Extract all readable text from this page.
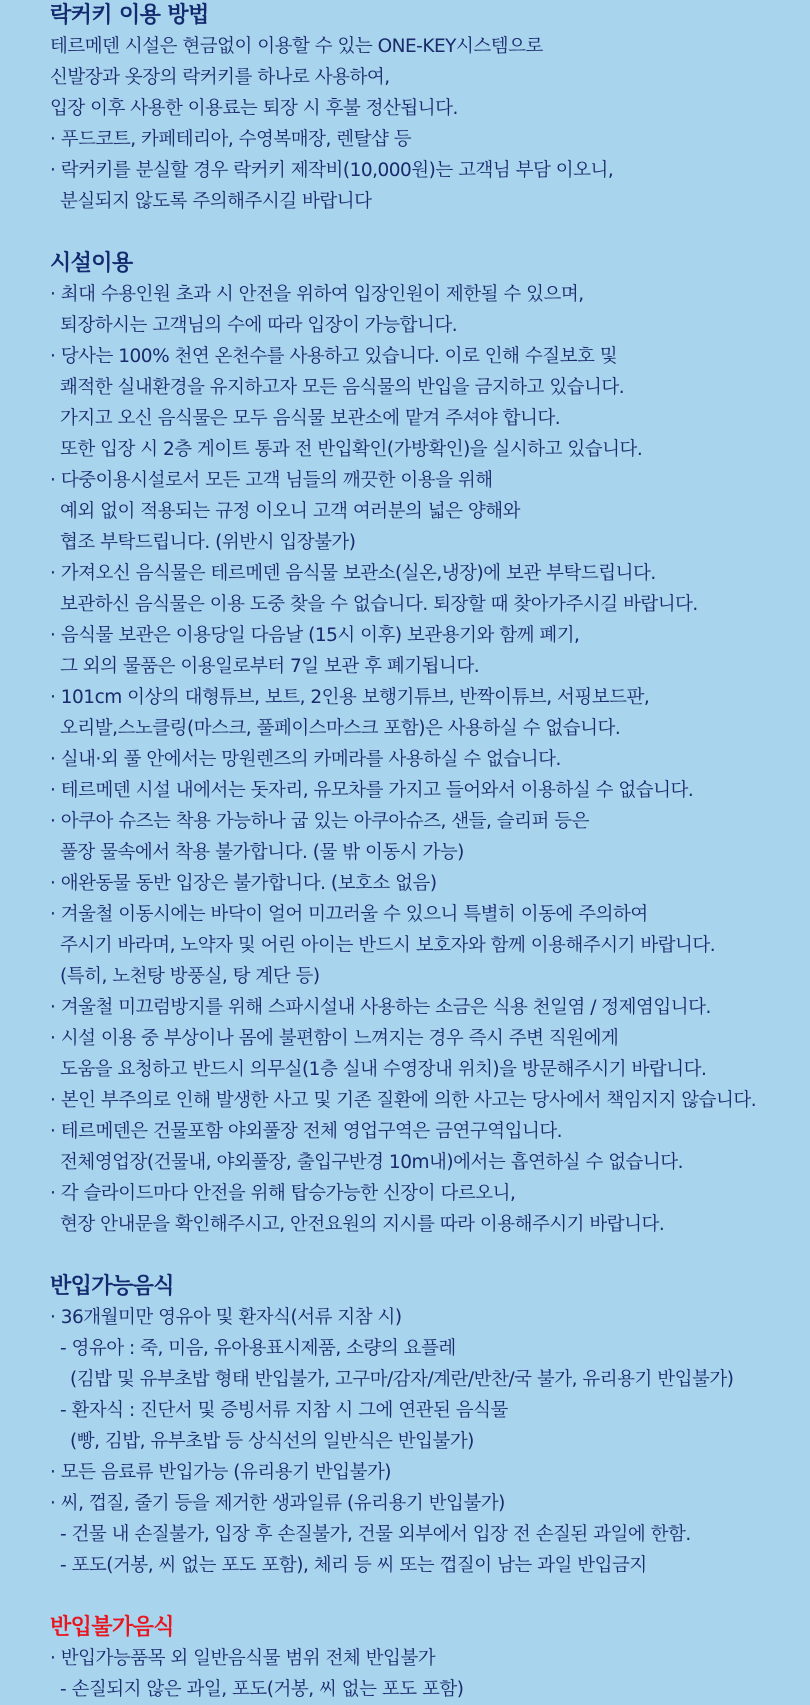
락커키 이용 방법
테르메덴 시설은 현금없이 이용할 수 있는 ONE-KEY시스템으로
신발장과 옷장의 락커키를 하나로 사용하여,
입장 이후 사용한 이용료는 퇴장 시 후불 정산됩니다.
· 푸드코트, 카페테리아, 수영복매장, 렌탈샵 등
· 락커키를 분실할 경우 락커키 제작비(10,000원)는 고객님 부담 이오니,
분실되지 않도록 주의해주시길 바랍니다
시설이용
· 최대 수용인원 초과 시 안전을 위하여 입장인원이 제한될 수 있으며,
퇴장하시는 고객님의 수에 따라 입장이 가능합니다.
· 당사는 100% 천연 온천수를 사용하고 있습니다. 이로 인해 수질보호 및
쾌적한 실내환경을 유지하고자 모든 음식물의 반입을 금지하고 있습니다.
가지고 오신 음식물은 모두 음식물 보관소에 맡겨 주셔야 합니다.
또한 입장 시 2층 게이트 통과 전 반입확인(가방확인)을 실시하고 있습니다.
· 다중이용시설로서 모든 고객 님들의 깨끗한 이용을 위해
예외 없이 적용되는 규정 이오니 고객 여러분의 넓은 양해와
협조 부탁드립니다. (위반시 입장불가)
· 가져오신 음식물은 테르메덴 음식물 보관소(실온,냉장)에 보관 부탁드립니다.
보관하신 음식물은 이용 도중 찾을 수 없습니다. 퇴장할 때 찾아가주시길 바랍니다.
· 음식물 보관은 이용당일 다음날 (15시 이후) 보관용기와 함께 폐기,
그 외의 물품은 이용일로부터 7일 보관 후 폐기됩니다.
· 101cm 이상의 대형튜브, 보트, 2인용 보행기튜브, 반짝이튜브, 서핑보드판,
오리발,스노클링(마스크, 풀페이스마스크 포함)은 사용하실 수 없습니다.
· 실내·외 풀 안에서는 망원렌즈의 카메라를 사용하실 수 없습니다.
· 테르메덴 시설 내에서는 돗자리, 유모차를 가지고 들어와서 이용하실 수 없습니다.
· 아쿠아 슈즈는 착용 가능하나 굽 있는 아쿠아슈즈, 샌들, 슬리퍼 등은
풀장 물속에서 착용 불가합니다. (물 밖 이동시 가능)
· 애완동물 동반 입장은 불가합니다. (보호소 없음)
· 겨울철 이동시에는 바닥이 얼어 미끄러울 수 있으니 특별히 이동에 주의하여
주시기 바라며, 노약자 및 어린 아이는 반드시 보호자와 함께 이용해주시기 바랍니다.
(특히, 노천탕 방풍실, 탕 계단 등)
· 겨울철 미끄럼방지를 위해 스파시설내 사용하는 소금은 식용 천일염 / 정제염입니다.
· 시설 이용 중 부상이나 몸에 불편함이 느껴지는 경우 즉시 주변 직원에게
도움을 요청하고 반드시 의무실(1층 실내 수영장내 위치)을 방문해주시기 바랍니다.
· 본인 부주의로 인해 발생한 사고 및 기존 질환에 의한 사고는 당사에서 책임지지 않습니다.
· 테르메덴은 건물포함 야외풀장 전체 영업구역은 금연구역입니다.
전체영업장(건물내, 야외풀장, 출입구반경 10m내)에서는 흡연하실 수 없습니다.
· 각 슬라이드마다 안전을 위해 탑승가능한 신장이 다르오니,
현장 안내문을 확인해주시고, 안전요원의 지시를 따라 이용해주시기 바랍니다.
반입가능음식
· 36개월미만 영유아 및 환자식(서류 지참 시)
- 영유아 : 죽, 미음, 유아용표시제품, 소량의 요플레
(김밥 및 유부초밥 형태 반입불가, 고구마/감자/계란/반찬/국 불가, 유리용기 반입불가)
- 환자식 : 진단서 및 증빙서류 지참 시 그에 연관된 음식물
(빵, 김밥, 유부초밥 등 상식선의 일반식은 반입불가)
· 모든 음료류 반입가능 (유리용기 반입불가)
· 씨, 껍질, 줄기 등을 제거한 생과일류 (유리용기 반입불가)
- 건물 내 손질불가, 입장 후 손질불가, 건물 외부에서 입장 전 손질된 과일에 한함.
- 포도(거봉, 씨 없는 포도 포함), 체리 등 씨 또는 껍질이 남는 과일 반입금지
반입불가음식
· 반입가능품목 외 일반음식물 범위 전체 반입불가
- 손질되지 않은 과일, 포도(거봉, 씨 없는 포도 포함)
